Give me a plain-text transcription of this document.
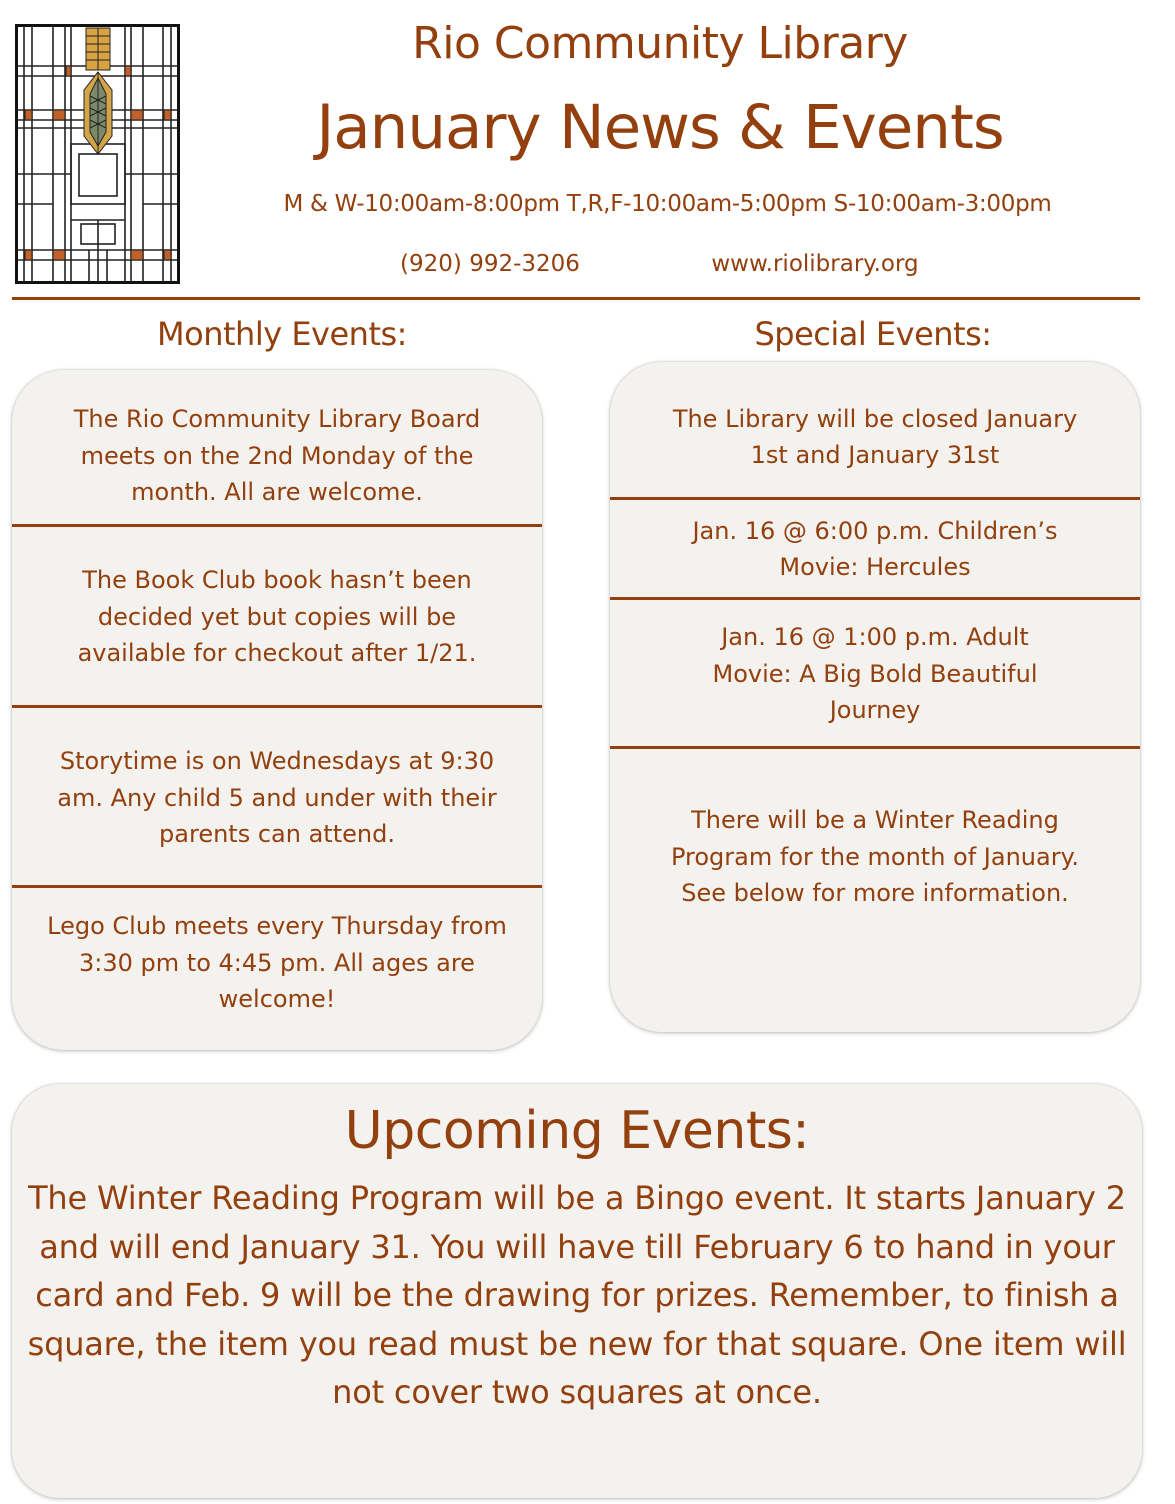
Rio Community Library
January News & Events
M & W-10:00am-8:00pm T,R,F-10:00am-5:00pm S-10:00am-3:00pm
(920) 992-3206	www.riolibrary.org
Monthly Events:	Special Events:
The Rio Community Library Board meets on the 2nd Monday of the month. All are welcome.
The Book Club book hasn’t been decided yet but copies will be available for checkout after 1/21.
Storytime is on Wednesdays at 9:30 am. Any child 5 and under with their parents can attend.
Lego Club meets every Thursday from 3:30 pm to 4:45 pm. All ages are welcome!
The Library will be closed January 1st and January 31st
Jan. 16 @ 6:00 p.m. Children’s Movie: Hercules
Jan. 16 @ 1:00 p.m. Adult Movie: A Big Bold Beautiful Journey
There will be a Winter Reading Program for the month of January. See below for more information.
Upcoming Events:
The Winter Reading Program will be a Bingo event. It starts January 2 and will end January 31. You will have till February 6 to hand in your card and Feb. 9 will be the drawing for prizes. Remember, to finish a square, the item you read must be new for that square. One item will not cover two squares at once.
